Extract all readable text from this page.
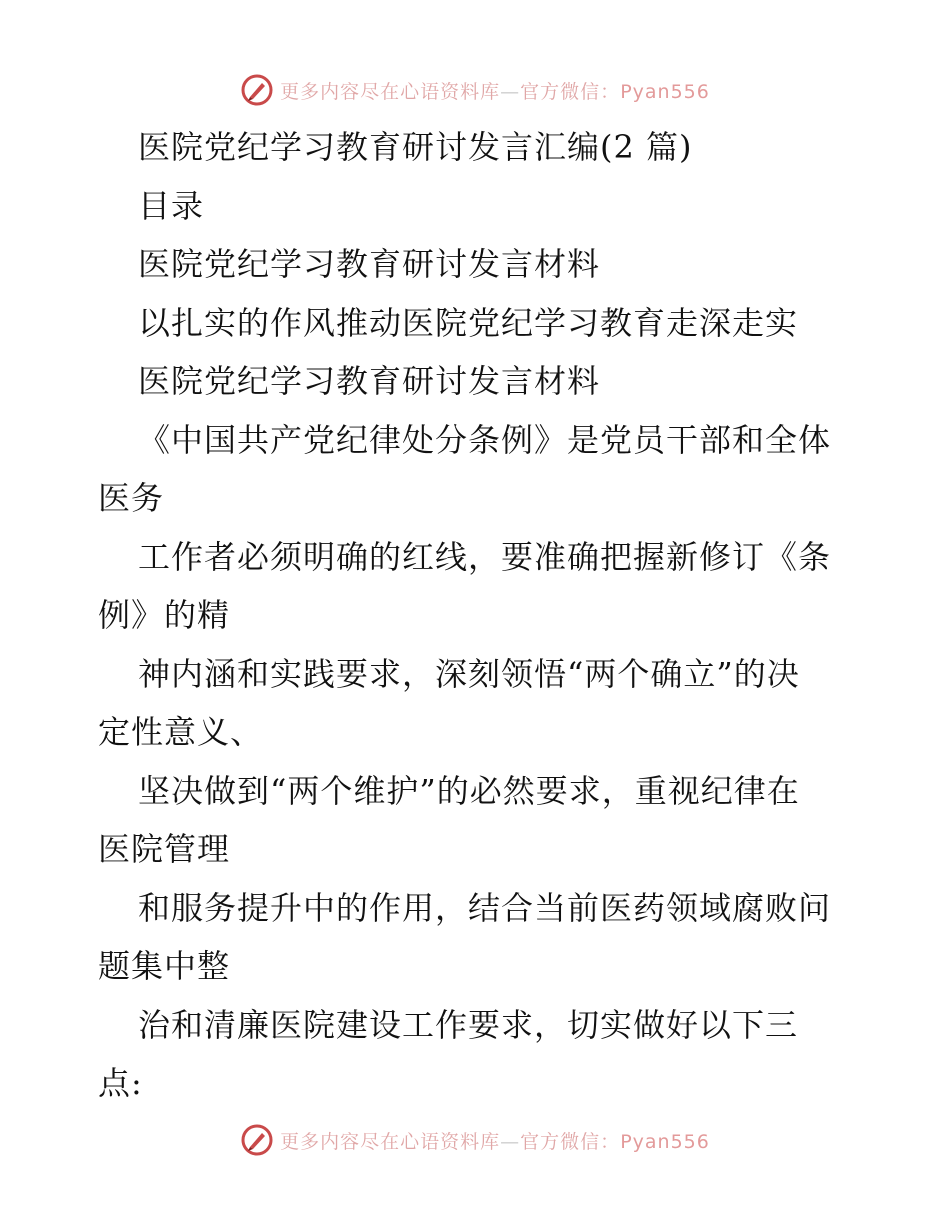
更多内容尽在心语资料库—官方微信：Pyan556
医院党纪学习教育研讨发言汇编(2 篇)
目录
医院党纪学习教育研讨发言材料
以扎实的作风推动医院党纪学习教育走深走实
医院党纪学习教育研讨发言材料
《中国共产党纪律处分条例》是党员干部和全体
医务
工作者必须明确的红线，要准确把握新修订《条
例》的精
神内涵和实践要求，深刻领悟“两个确立”的决
定性意义、
坚决做到“两个维护”的必然要求，重视纪律在
医院管理
和服务提升中的作用，结合当前医药领域腐败问
题集中整
治和清廉医院建设工作要求，切实做好以下三
点:
更多内容尽在心语资料库—官方微信：Pyan556
